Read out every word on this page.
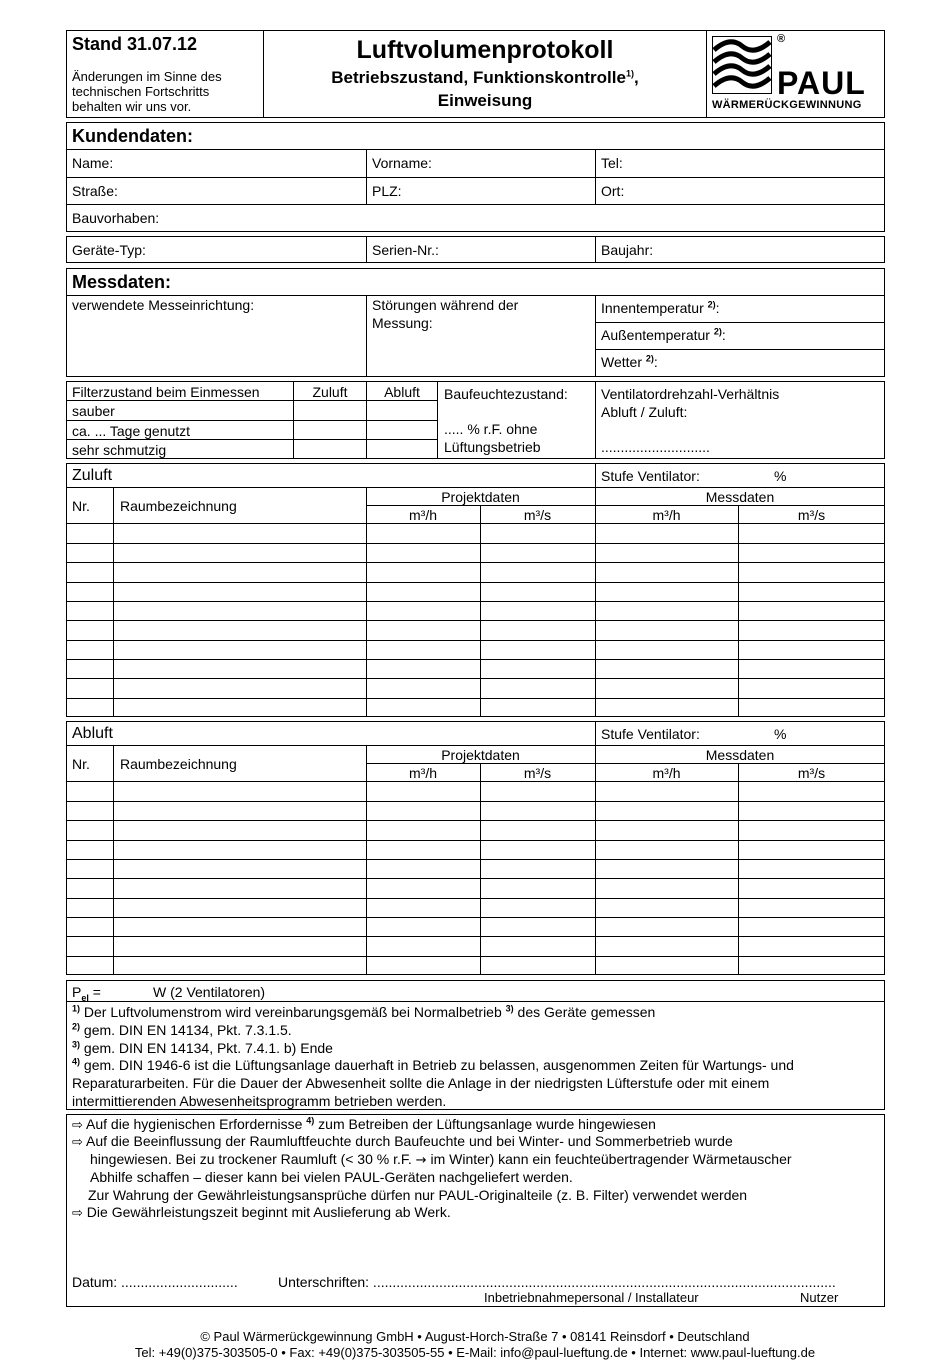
Stand 31.07.12
Änderungen im Sinne des
technischen Fortschritts
behalten wir uns vor.
Luftvolumenprotokoll
Betriebszustand, Funktionskontrolle$^{1)}$,
Einweisung
®
PAUL
WÄRMERÜCKGEWINNUNG
Kundendaten:
Name:	Vorname:	Tel:
Straße:	PLZ:	Ort:
Bauvorhaben:
Geräte-Typ:	Serien-Nr.:	Baujahr:
Messdaten:
verwendete Messeinrichtung:	Störungen während der
Messung:
Innentemperatur $^{2)}$:
Außentemperatur $^{2)}$:
Wetter $^{2)}$:
Filterzustand beim Einmessen	Zuluft	Abluft
sauber
ca. ... Tage genutzt
sehr schmutzig
Baufeuchtezustand:
..... % r.F. ohne
Lüftungsbetrieb
Ventilatordrehzahl-Verhältnis
Abluft / Zuluft:
............................
Zuluft	Stufe Ventilator:	%
Nr. Raumbezeichnung
Projektdaten	Messdaten
m³/h	m³/s	m³/h	m³/s
Abluft	Stufe Ventilator:	%
Nr. Raumbezeichnung
Projektdaten	Messdaten
m³/h	m³/s	m³/h	m³/s
$P_{el}$ =	W (2 Ventilatoren)
$^{1)}$ Der Luftvolumenstrom wird vereinbarungsgemäß bei Normalbetrieb $^{3)}$ des Geräte gemessen
$^{2)}$ gem. DIN EN 14134, Pkt. 7.3.1.5.
$^{3)}$ gem. DIN EN 14134, Pkt. 7.4.1. b) Ende
$^{4)}$ gem. DIN 1946-6 ist die Lüftungsanlage dauerhaft in Betrieb zu belassen, ausgenommen Zeiten für Wartungs- und Reparaturarbeiten. Für die Dauer der Abwesenheit sollte die Anlage in der niedrigsten Lüfterstufe oder mit einem intermittierenden Abwesenheitsprogramm betrieben werden.
⇨ Auf die hygienischen Erfordernisse $^{4)}$ zum Betreiben der Lüftungsanlage wurde hingewiesen
⇨ Auf die Beeinflussung der Raumluftfeuchte durch Baufeuchte und bei Winter- und Sommerbetrieb wurde
hingewiesen. Bei zu trockener Raumluft (< 30 % r.F. → im Winter) kann ein feuchteübertragender Wärmetauscher
Abhilfe schaffen – dieser kann bei vielen PAUL-Geräten nachgeliefert werden.
Zur Wahrung der Gewährleistungsansprüche dürfen nur PAUL-Originalteile (z. B. Filter) verwendet werden
⇨ Die Gewährleistungszeit beginnt mit Auslieferung ab Werk.
Datum: ..............................	Unterschriften: .......................................................................................................................
Inbetriebnahmepersonal / Installateur	Nutzer
© Paul Wärmerückgewinnung GmbH • August-Horch-Straße 7 • 08141 Reinsdorf • Deutschland
Tel: +49(0)375-303505-0 • Fax: +49(0)375-303505-55 • E-Mail: info@paul-lueftung.de • Internet: www.paul-lueftung.de
